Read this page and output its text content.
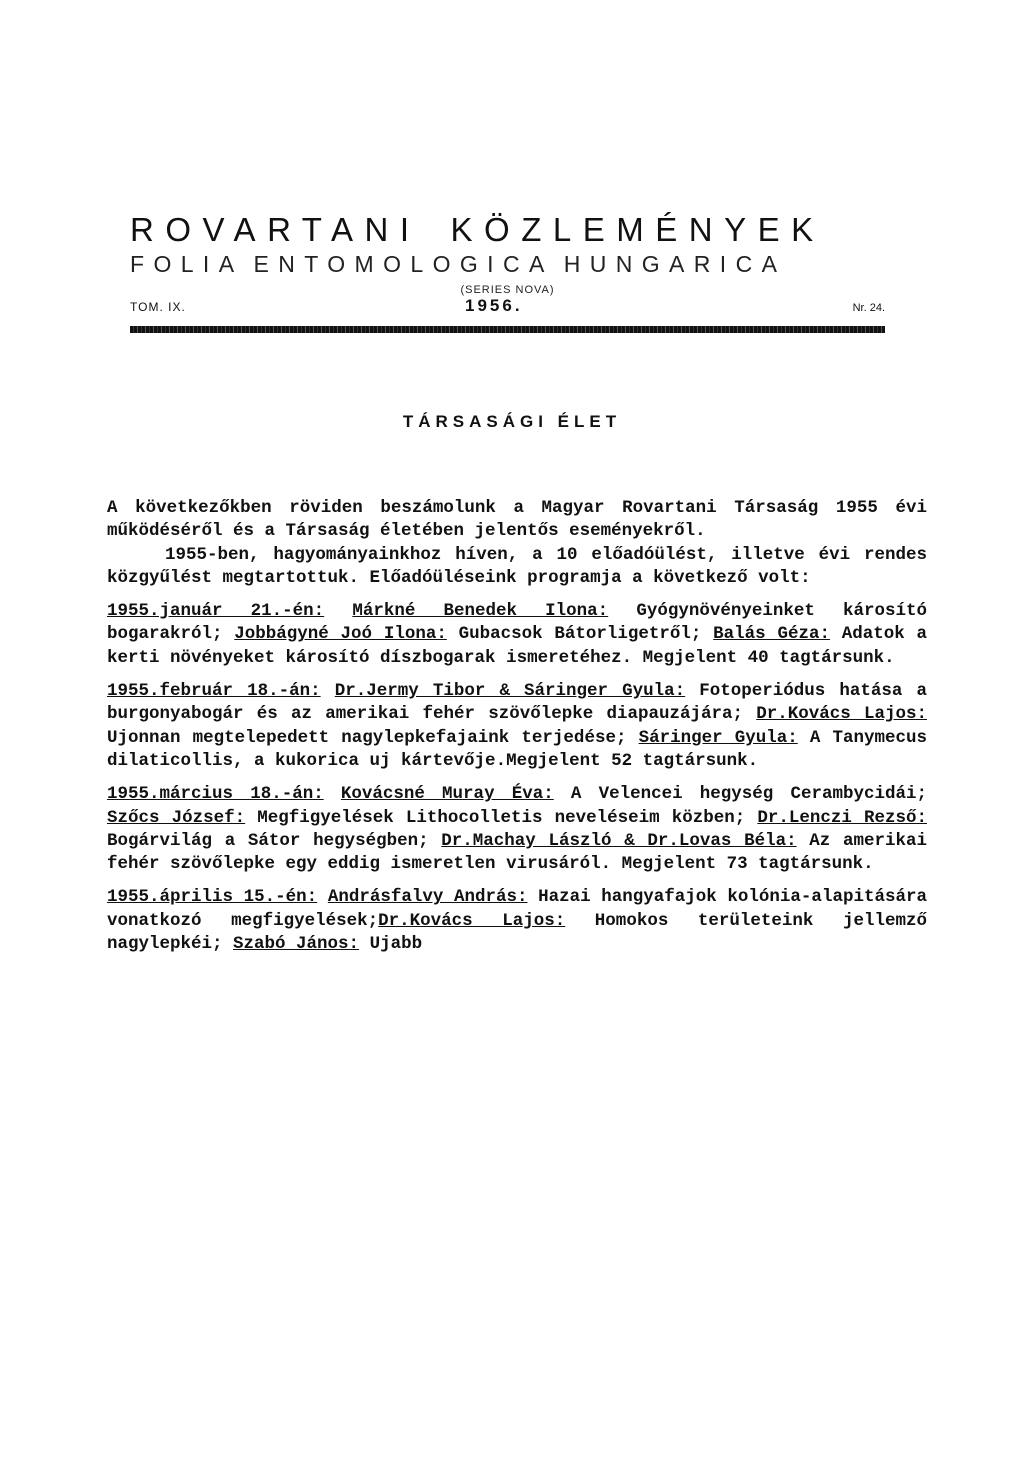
ROVARTANI KÖZLEMÉNYEK
FOLIA ENTOMOLOGICA HUNGARICA
(SERIES NOVA)
TOM. IX.	1956.	Nr. 24.
TÁRSASÁGI ÉLET

A következőkben röviden beszámolunk a Magyar Rovartani Társaság 1955 évi működéséről és a Társaság életében jelentős eseményekről.

1955-ben, hagyományainkhoz híven, a 10 előadóülést, illetve évi rendes közgyűlést megtartottuk. Előadóüléseink programja a következő volt:

1955.január 21.-én: Márkné Benedek Ilona: Gyógynövényeinket károsító bogarakról; Jobbágyné Joó Ilona: Gubacsok Bátorligetről; Balás Géza: Adatok a kerti növényeket károsító díszbogarak ismeretéhez. Megjelent 40 tagtársunk.

1955.február 18.-án: Dr.Jermy Tibor & Sáringer Gyula: Fotoperiódus hatása a burgonyabogár és az amerikai fehér szövőlepke diapauzájára; Dr.Kovács Lajos: Ujonnan megtelepedett nagylepkefajaink terjedése; Sáringer Gyula: A Tanymecus dilaticollis, a kukorica uj kártevője.Megjelent 52 tagtársunk.

1955.március 18.-án: Kovácsné Muray Éva: A Velencei hegység Cerambycidái; Szőcs József: Megfigyelések Lithocolletis neveléseim közben; Dr.Lenczi Rezső: Bogárvilág a Sátor hegységben; Dr.Machay László & Dr.Lovas Béla: Az amerikai fehér szövőlepke egy eddig ismeretlen virusáról. Megjelent 73 tagtársunk.

1955.április 15.-én: Andrásfalvy András: Hazai hangyafajok kolónia-alapitására vonatkozó megfigyelések;Dr.Kovács Lajos: Homokos területeink jellemző nagylepkéi; Szabó János: Ujabb
